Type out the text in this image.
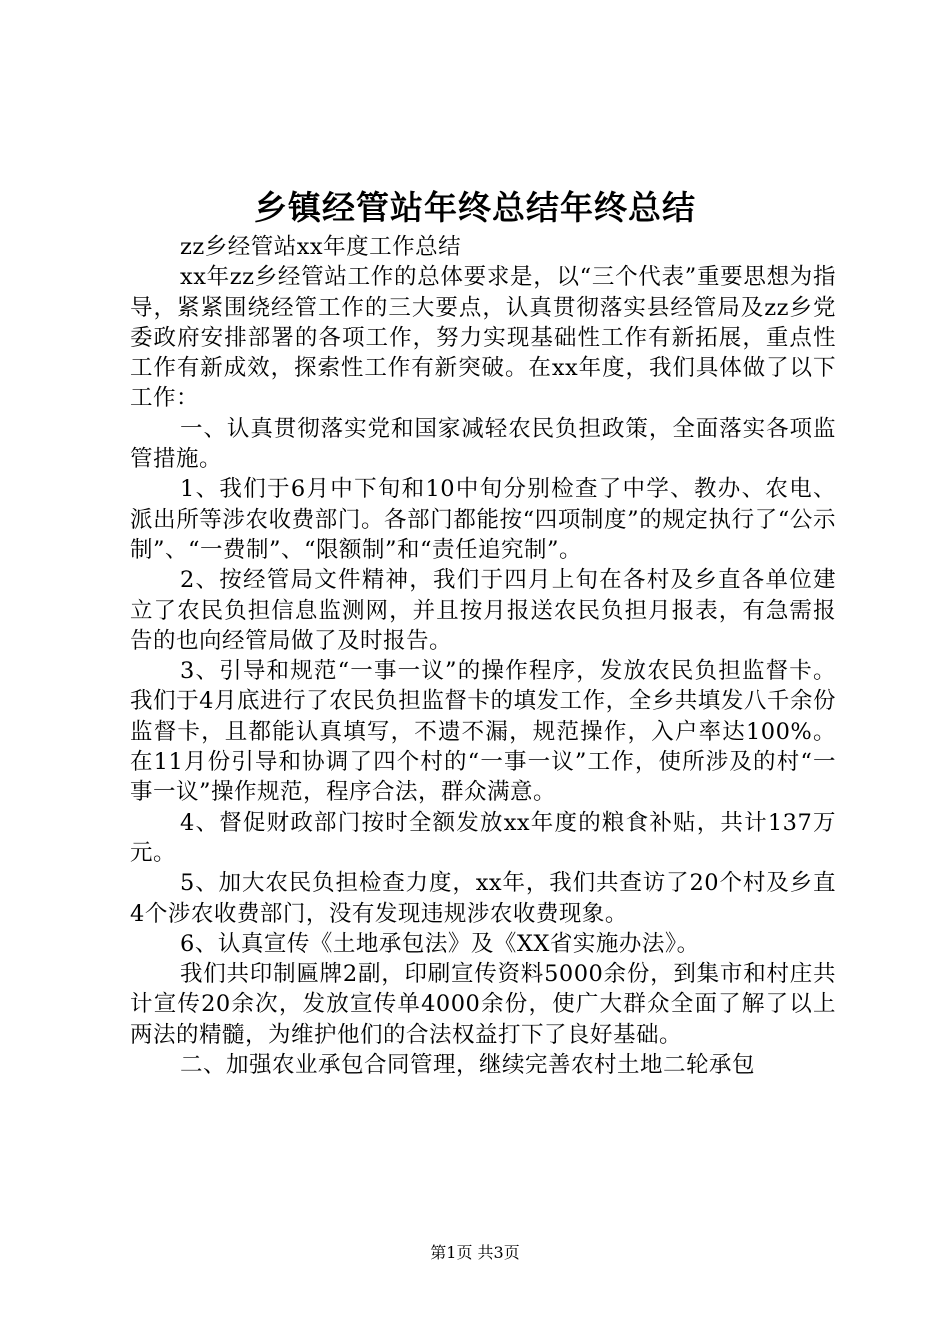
乡镇经管站年终总结年终总结

zz乡经管站xx年度工作总结

xx年zz乡经管站工作的总体要求是，以“三个代表”重要思想为指导，紧紧围绕经管工作的三大要点，认真贯彻落实县经管局及zz乡党委政府安排部署的各项工作，努力实现基础性工作有新拓展，重点性工作有新成效，探索性工作有新突破。在xx年度，我们具体做了以下工作：

一、认真贯彻落实党和国家减轻农民负担政策，全面落实各项监管措施。

1、我们于6月中下旬和10中旬分别检查了中学、教办、农电、派出所等涉农收费部门。各部门都能按“四项制度”的规定执行了“公示制”、“一费制”、“限额制”和“责任追究制”。

2、按经管局文件精神，我们于四月上旬在各村及乡直各单位建立了农民负担信息监测网，并且按月报送农民负担月报表，有急需报告的也向经管局做了及时报告。

3、引导和规范“一事一议”的操作程序，发放农民负担监督卡。我们于4月底进行了农民负担监督卡的填发工作，全乡共填发八千余份监督卡，且都能认真填写，不遗不漏，规范操作，入户率达100%。在11月份引导和协调了四个村的“一事一议”工作，使所涉及的村“一事一议”操作规范，程序合法，群众满意。

4、督促财政部门按时全额发放xx年度的粮食补贴，共计137万元。

5、加大农民负担检查力度，xx年，我们共查访了20个村及乡直4个涉农收费部门，没有发现违规涉农收费现象。

6、认真宣传《土地承包法》及《XX省实施办法》。

我们共印制匾牌2副，印刷宣传资料5000余份，到集市和村庄共计宣传20余次，发放宣传单4000余份，使广大群众全面了解了以上两法的精髓，为维护他们的合法权益打下了良好基础。

二、加强农业承包合同管理，继续完善农村土地二轮承包

第1页 共3页
